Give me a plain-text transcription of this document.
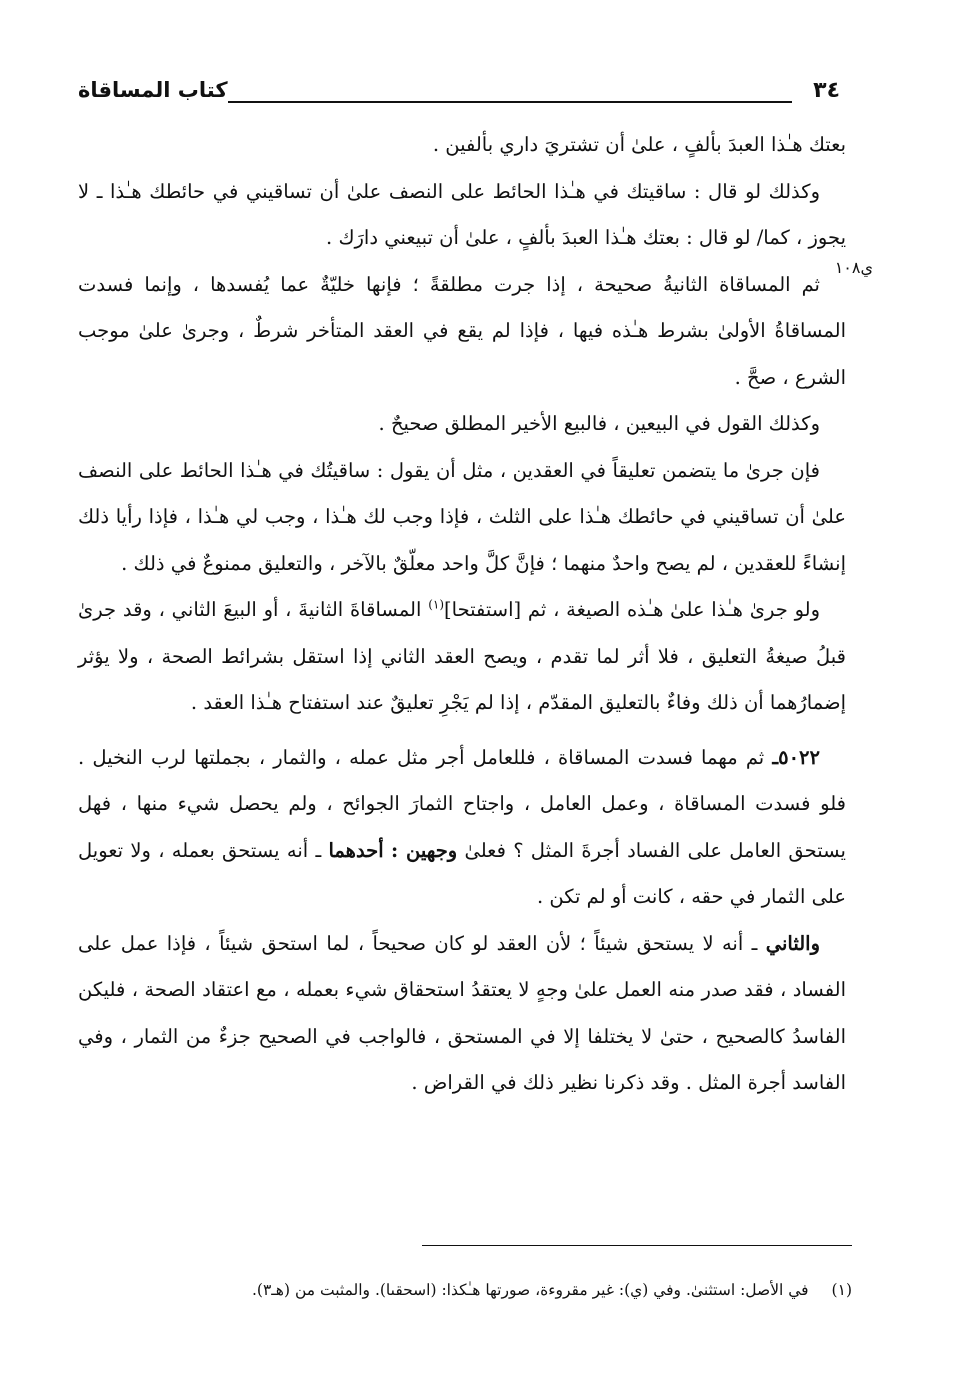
٣٤
كتاب المساقاة
ي١٠٨

بعتك هـٰذا العبدَ بألفٍ ، علىٰ أن تشتريَ داري بألفين .

وكذلك لو قال : ساقيتك في هـٰذا الحائط على النصف علىٰ أن تساقيني في حائطك هـٰذا ـ لا يجوز ، كما/ لو قال : بعتك هـٰذا العبدَ بألفٍ ، علىٰ أن تبيعني دارَك .

ثم المساقاة الثانيةُ صحيحة ، إذا جرت مطلقةً ؛ فإنها خليّةٌ عما يُفسدها ، وإنما فسدت المساقاةُ الأولىٰ بشرط هـٰذه فيها ، فإذا لم يقع في العقد المتأخر شرطٌ ، وجرىٰ علىٰ موجب الشرع ، صحَّ .

وكذلك القول في البيعين ، فالبيع الأخير المطلق صحيحٌ .

فإن جرىٰ ما يتضمن تعليقاً في العقدين ، مثل أن يقول : ساقيتُك في هـٰذا الحائط على النصف علىٰ أن تساقيني في حائطك هـٰذا على الثلث ، فإذا وجب لك هـٰذا ، وجب لي هـٰذا ، فإذا رأيا ذلك إنشاءً للعقدين ، لم يصح واحدٌ منهما ؛ فإنَّ كلَّ واحد معلّقٌ بالآخر ، والتعليق ممنوعٌ في ذلك .

ولو جرىٰ هـٰذا علىٰ هـٰذه الصيغة ، ثم [استفتحا]$^{(١)}$ المساقاةَ الثانيةَ ، أو البيعَ الثاني ، وقد جرىٰ قبلُ صيغةُ التعليق ، فلا أثر لما تقدم ، ويصح العقد الثاني إذا استقل بشرائط الصحة ، ولا يؤثر إضمارُهما أن ذلك وفاءٌ بالتعليق المقدّم ، إذا لم يَجْرِ تعليقٌ عند استفتاح هـٰذا العقد .

٥٠٢٢ـ ثم مهما فسدت المساقاة ، فللعامل أجر مثل عمله ، والثمار ، بجملتها لرب النخيل . فلو فسدت المساقاة ، وعمل العامل ، واجتاح الثمارَ الجوائح ، ولم يحصل شيء منها ، فهل يستحق العامل على الفساد أجرةَ المثل ؟ فعلىٰ وجهين : أحدهما ـ أنه يستحق بعمله ، ولا تعويل على الثمار في حقه ، كانت أو لم تكن .

والثاني ـ أنه لا يستحق شيئاً ؛ لأن العقد لو كان صحيحاً ، لما استحق شيئاً ، فإذا عمل على الفساد ، فقد صدر منه العمل علىٰ وجهٍ لا يعتقدُ استحقاق شيء بعمله ، مع اعتقاد الصحة ، فليكن الفاسدُ كالصحيح ، حتىٰ لا يختلفا إلا في المستحق ، فالواجب في الصحيح جزءٌ من الثمار ، وفي الفاسد أجرة المثل . وقد ذكرنا نظير ذلك في القراض .

(١) في الأصل: استثنىٰ. وفي (ي): غير مقروءة، صورتها هـٰكذا: (اسحقىا). والمثبت من (هـ٣).
